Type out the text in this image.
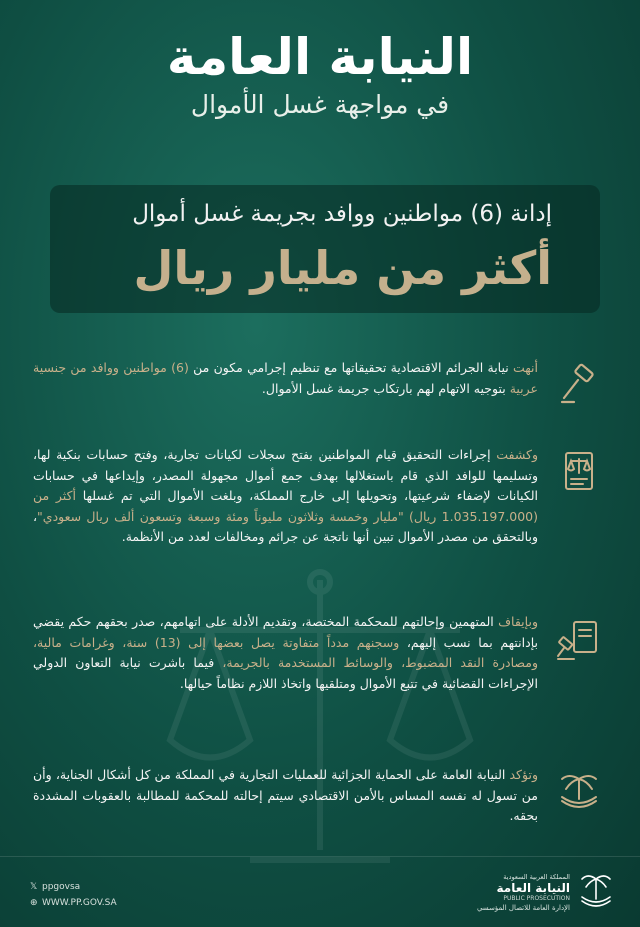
النيابة العامة
في مواجهة غسل الأموال
إدانة (6) مواطنين ووافد بجريمة غسل أموال
أكثر من مليار ريال
أنهت نيابة الجرائم الاقتصادية تحقيقاتها مع تنظيم إجرامي مكون من (6) مواطنين ووافد من جنسية عربية بتوجيه الاتهام لهم بارتكاب جريمة غسل الأموال.
وكشفت إجراءات التحقيق قيام المواطنين بفتح سجلات لكيانات تجارية، وفتح حسابات بنكية لها، وتسليمها للوافد الذي قام باستغلالها بهدف جمع أموال مجهولة المصدر، وإيداعها في حسابات الكيانات لإضفاء شرعيتها، وتحويلها إلى خارج المملكة، وبلغت الأموال التي تم غسلها أكثر من (1.035.197.000 ريال) "مليار وخمسة وثلاثون مليوناً ومئة وسبعة وتسعون ألف ريال سعودي"، وبالتحقق من مصدر الأموال تبين أنها ناتجة عن جرائم ومخالفات لعدد من الأنظمة.
وبإيقاف المتهمين وإحالتهم للمحكمة المختصة، وتقديم الأدلة على اتهامهم، صدر بحقهم حكم يقضي بإدانتهم بما نسب إليهم، وسجنهم مدداً متفاوتة يصل بعضها إلى (13) سنة، وغرامات مالية، ومصادرة النقد المضبوط، والوسائط المستخدمة بالجريمة، فيما باشرت نيابة التعاون الدولي الإجراءات القضائية في تتبع الأموال ومتلقيها واتخاذ اللازم نظاماً حيالها.
وتؤكد النيابة العامة على الحماية الجزائية للعمليات التجارية في المملكة من كل أشكال الجناية، وأن من تسول له نفسه المساس بالأمن الاقتصادي سيتم إحالته للمحكمة للمطالبة بالعقوبات المشددة بحقه.
𝕏 ppgovsa
⊕ WWW.PP.GOV.SA
المملكة العربية السعودية
النيابة العامة
PUBLIC PROSECUTION
الإدارة العامة للاتصال المؤسسي
